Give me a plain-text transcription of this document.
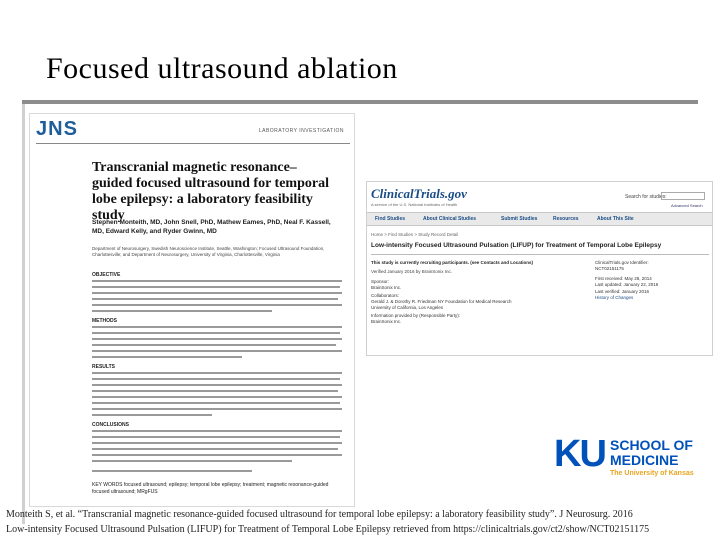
Focused ultrasound ablation
JNS	LABORATORY INVESTIGATION
Transcranial magnetic resonance–guided focused ultrasound for temporal lobe epilepsy: a laboratory feasibility study
Stephen Monteith, MD, John Snell, PhD, Mathew Eames, PhD, Neal F. Kassell, MD, Edward Kelly, and Ryder Gwinn, MD
Department of Neurosurgery, Swedish Neuroscience Institute, Seattle, Washington; Focused Ultrasound Foundation, Charlottesville; and Department of Neurosurgery, University of Virginia, Charlottesville, Virginia
OBJECTIVE
METHODS
RESULTS
CONCLUSIONS
KEY WORDS focused ultrasound; epilepsy; temporal lobe epilepsy; treatment; magnetic resonance-guided focused ultrasound; MRgFUS
ClinicalTrials.gov
A service of the U.S. National Institutes of Health
Search for studies:
Advanced Search
Find Studies	About Clinical Studies	Submit Studies	Resources	About This Site
Home > Find Studies > Study Record Detail
Low-intensity Focused Ultrasound Pulsation (LIFUP) for Treatment of Temporal Lobe Epilepsy
This study is currently recruiting participants. (see Contacts and Locations)
Verified January 2016 by BrainSonix Inc.
Sponsor:
BrainSonix Inc.
Collaborators:
Gerald J. & Dorothy R. Friedman NY Foundation for Medical Research
University of California, Los Angeles
Information provided by (Responsible Party):
BrainSonix Inc.
ClinicalTrials.gov Identifier:
NCT02151175
First received: May 28, 2014
Last updated: January 22, 2016
Last verified: January 2016
History of Changes
KU SCHOOL OF
MEDICINE
The University of Kansas
Monteith S, et al. “Transcranial magnetic resonance-guided focused ultrasound for temporal lobe epilepsy: a laboratory feasibility study”. J Neurosurg. 2016
Low-intensity Focused Ultrasound Pulsation (LIFUP) for Treatment of Temporal Lobe Epilepsy retrieved from https://clinicaltrials.gov/ct2/show/NCT02151175
